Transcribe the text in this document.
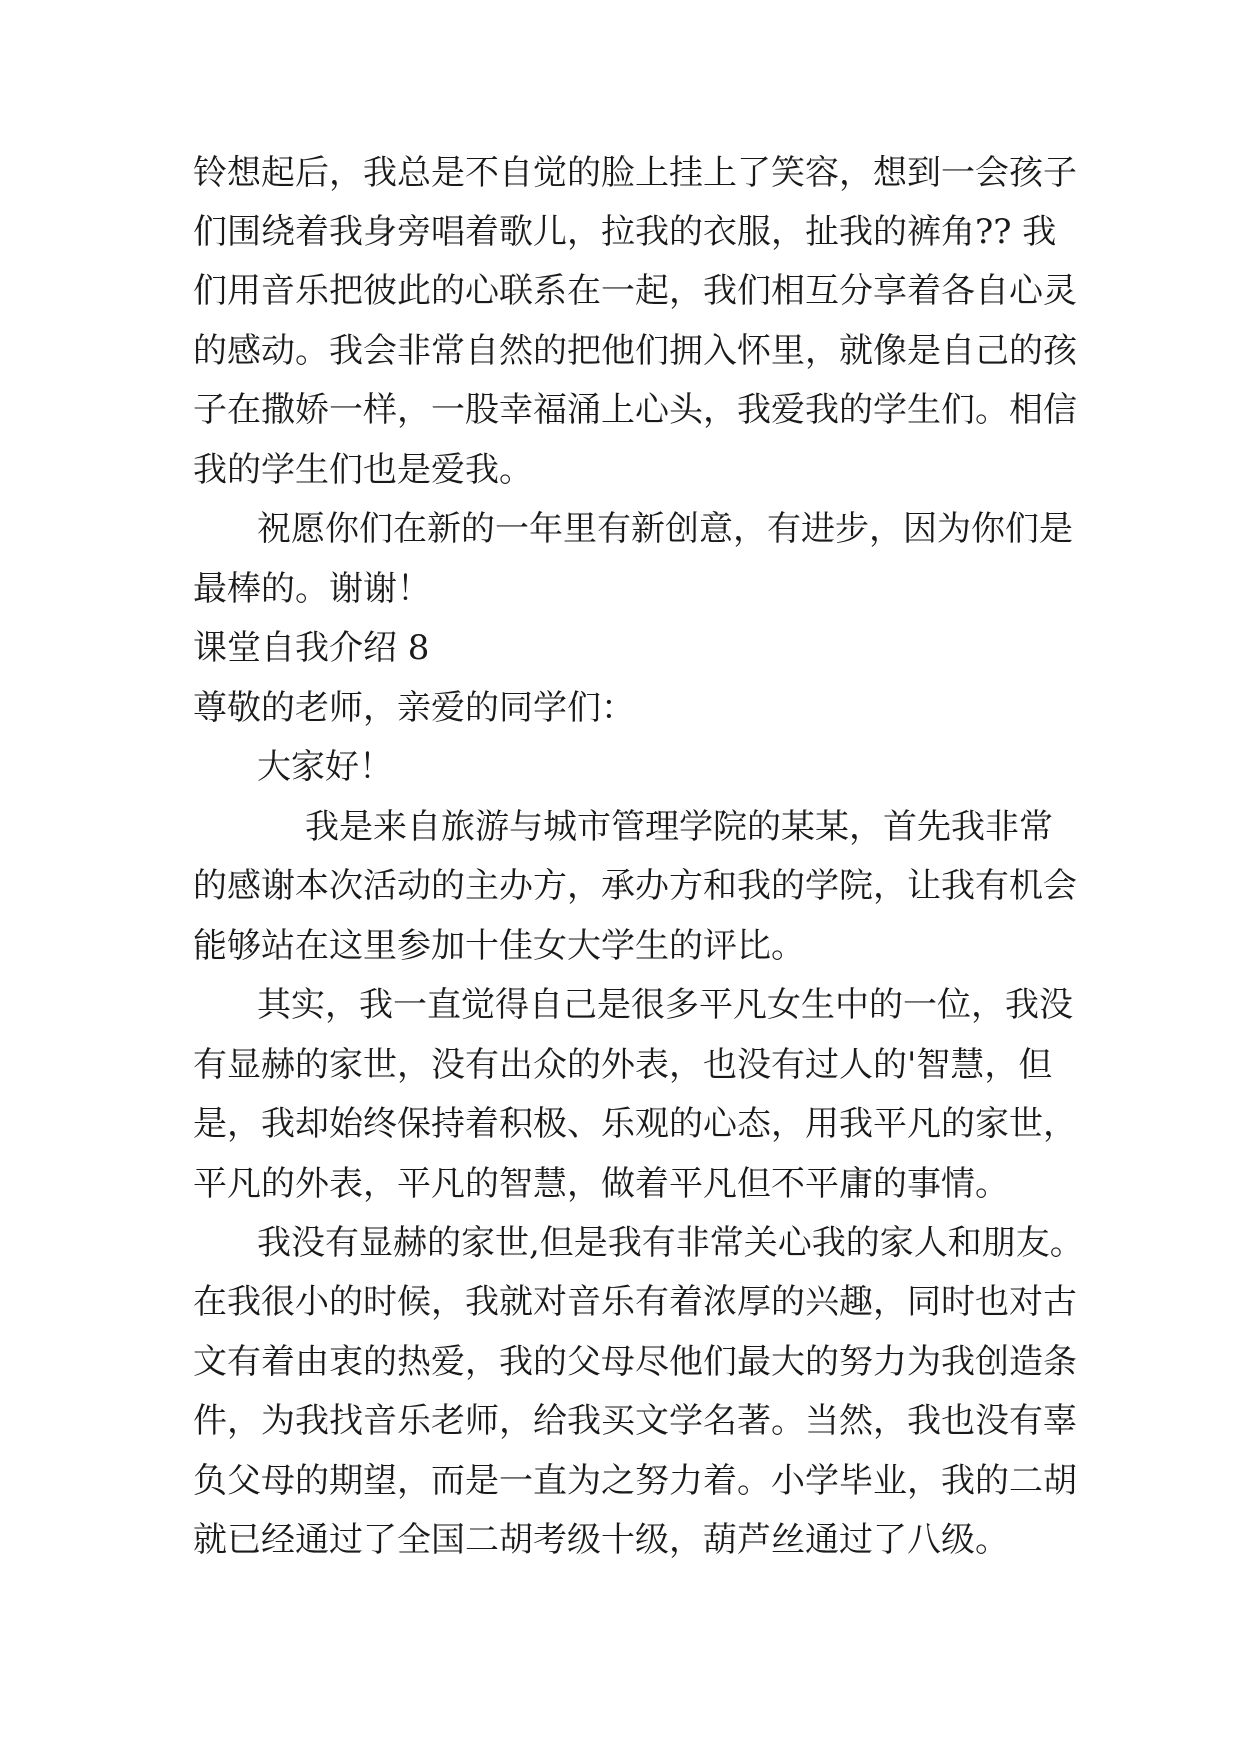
铃想起后，我总是不自觉的脸上挂上了笑容，想到一会孩子
们围绕着我身旁唱着歌儿，拉我的衣服，扯我的裤角?? 我
们用音乐把彼此的心联系在一起，我们相互分享着各自心灵
的感动。我会非常自然的把他们拥入怀里，就像是自己的孩
子在撒娇一样，一股幸福涌上心头，我爱我的学生们。相信
我的学生们也是爱我。
祝愿你们在新的一年里有新创意，有进步，因为你们是
最棒的。谢谢！
课堂自我介绍 8
尊敬的老师，亲爱的同学们：
大家好！
我是来自旅游与城市管理学院的某某，首先我非常
的感谢本次活动的主办方，承办方和我的学院，让我有机会
能够站在这里参加十佳女大学生的评比。
其实，我一直觉得自己是很多平凡女生中的一位，我没
有显赫的家世，没有出众的外表，也没有过人的'智慧，但
是，我却始终保持着积极、乐观的心态，用我平凡的家世，
平凡的外表，平凡的智慧，做着平凡但不平庸的事情。
我没有显赫的家世,但是我有非常关心我的家人和朋友。
在我很小的时候，我就对音乐有着浓厚的兴趣，同时也对古
文有着由衷的热爱，我的父母尽他们最大的努力为我创造条
件，为我找音乐老师，给我买文学名著。当然，我也没有辜
负父母的期望，而是一直为之努力着。小学毕业，我的二胡
就已经通过了全国二胡考级十级，葫芦丝通过了八级。
